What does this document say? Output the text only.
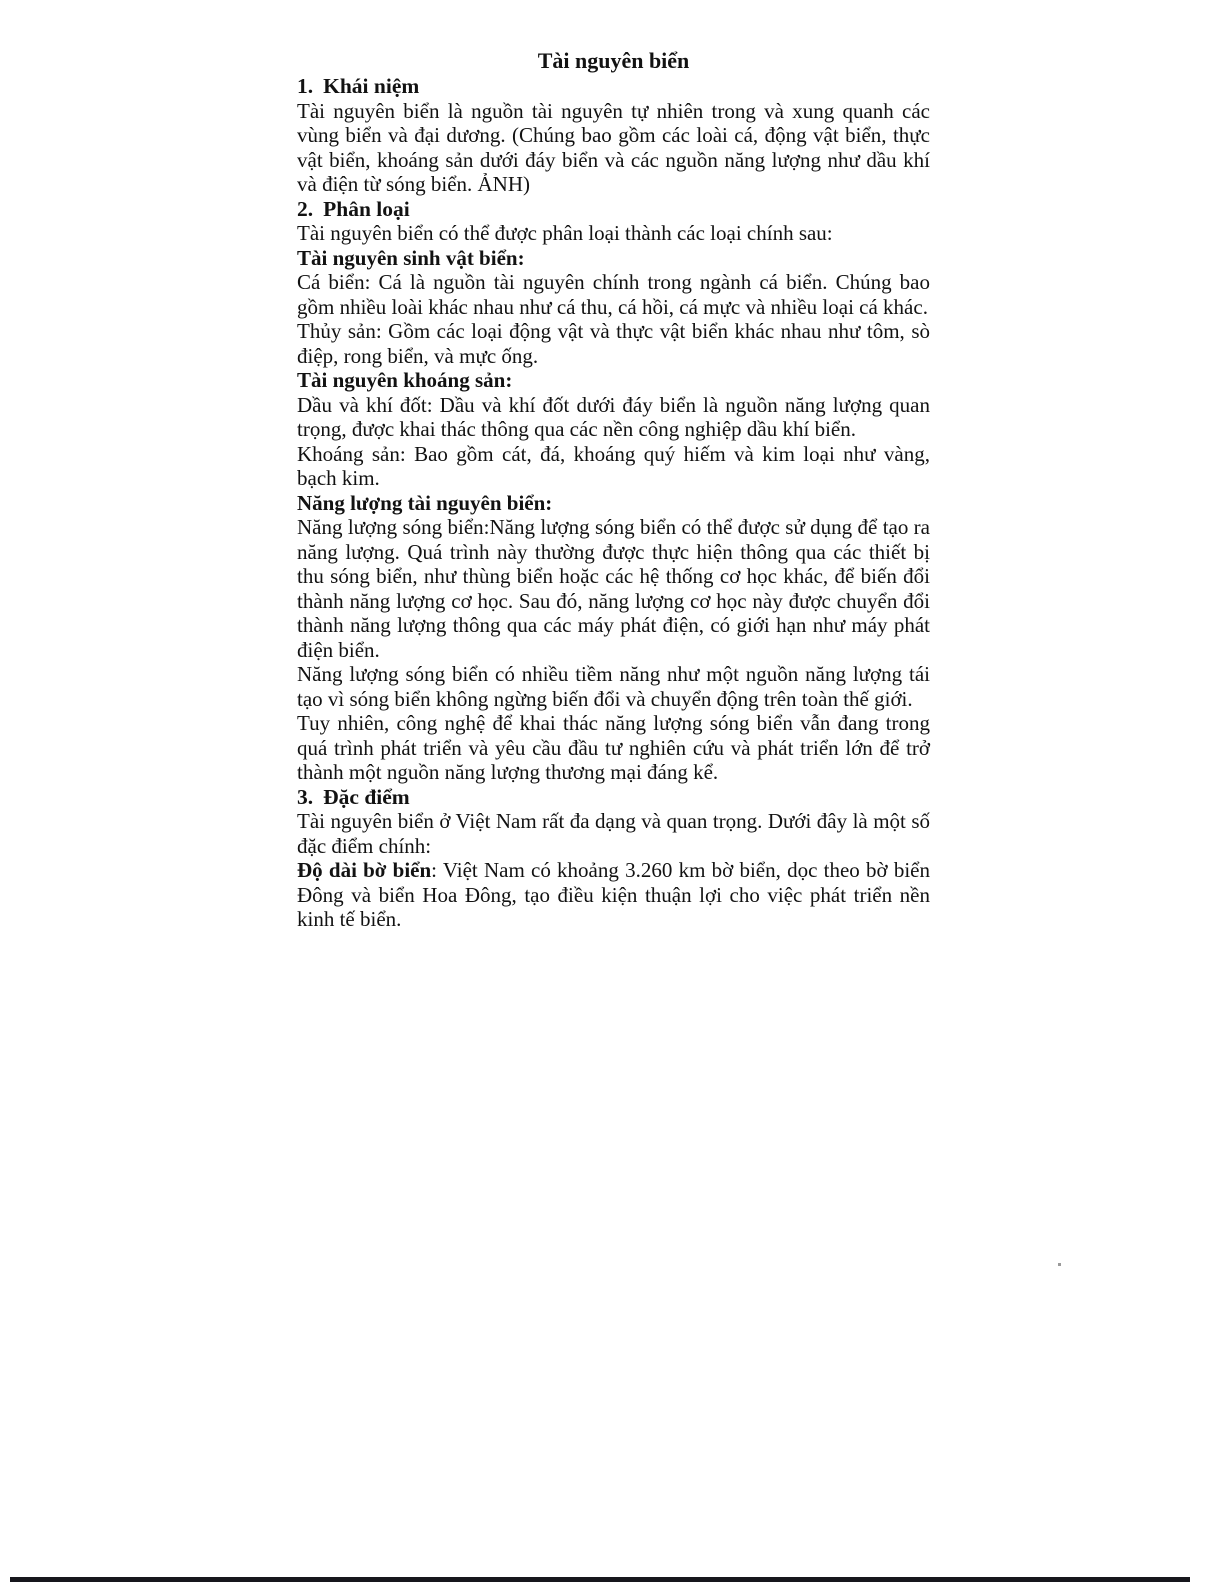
Tài nguyên biển
1. Khái niệm

Tài nguyên biển là nguồn tài nguyên tự nhiên trong và xung quanh các vùng biển và đại dương. (Chúng bao gồm các loài cá, động vật biển, thực vật biển, khoáng sản dưới đáy biển và các nguồn năng lượng như dầu khí và điện từ sóng biển. ẢNH)

2. Phân loại

Tài nguyên biển có thể được phân loại thành các loại chính sau:

Tài nguyên sinh vật biển:

Cá biển: Cá là nguồn tài nguyên chính trong ngành cá biển. Chúng bao gồm nhiều loài khác nhau như cá thu, cá hồi, cá mực và nhiều loại cá khác.

Thủy sản: Gồm các loại động vật và thực vật biển khác nhau như tôm, sò điệp, rong biển, và mực ống.

Tài nguyên khoáng sản:

Dầu và khí đốt: Dầu và khí đốt dưới đáy biển là nguồn năng lượng quan trọng, được khai thác thông qua các nền công nghiệp dầu khí biển.

Khoáng sản: Bao gồm cát, đá, khoáng quý hiếm và kim loại như vàng, bạch kim.

Năng lượng tài nguyên biển:

Năng lượng sóng biển:Năng lượng sóng biển có thể được sử dụng để tạo ra năng lượng. Quá trình này thường được thực hiện thông qua các thiết bị thu sóng biển, như thùng biển hoặc các hệ thống cơ học khác, để biến đổi thành năng lượng cơ học. Sau đó, năng lượng cơ học này được chuyển đổi thành năng lượng thông qua các máy phát điện, có giới hạn như máy phát điện biển.

Năng lượng sóng biển có nhiều tiềm năng như một nguồn năng lượng tái tạo vì sóng biển không ngừng biến đổi và chuyển động trên toàn thế giới.

Tuy nhiên, công nghệ để khai thác năng lượng sóng biển vẫn đang trong quá trình phát triển và yêu cầu đầu tư nghiên cứu và phát triển lớn để trở thành một nguồn năng lượng thương mại đáng kể.

3. Đặc điểm

Tài nguyên biển ở Việt Nam rất đa dạng và quan trọng. Dưới đây là một số đặc điểm chính:

Độ dài bờ biển: Việt Nam có khoảng 3.260 km bờ biển, dọc theo bờ biển Đông và biển Hoa Đông, tạo điều kiện thuận lợi cho việc phát triển nền kinh tế biển.
